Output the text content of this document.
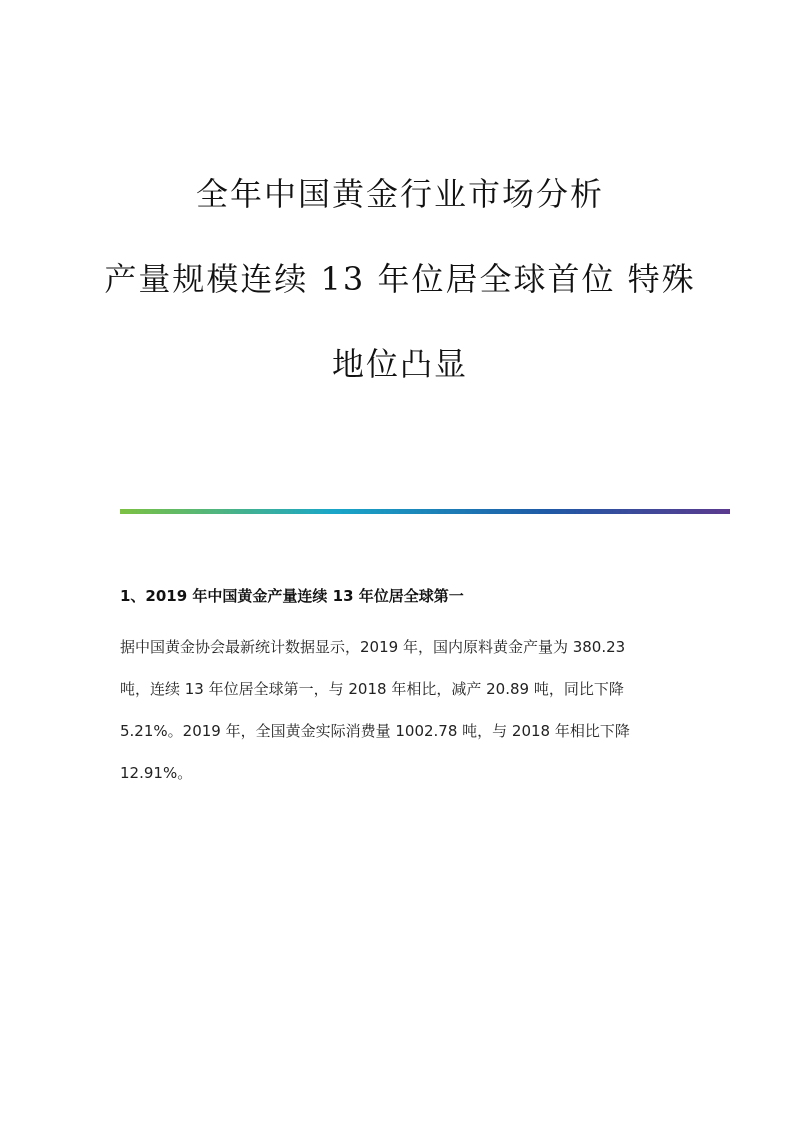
全年中国黄金行业市场分析
产量规模连续 13 年位居全球首位 特殊
地位凸显
1、2019 年中国黄金产量连续 13 年位居全球第一
据中国黄金协会最新统计数据显示，2019 年，国内原料黄金产量为 380.23
吨，连续 13 年位居全球第一，与 2018 年相比，减产 20.89 吨，同比下降
5.21%。2019 年，全国黄金实际消费量 1002.78 吨，与 2018 年相比下降
12.91%。
